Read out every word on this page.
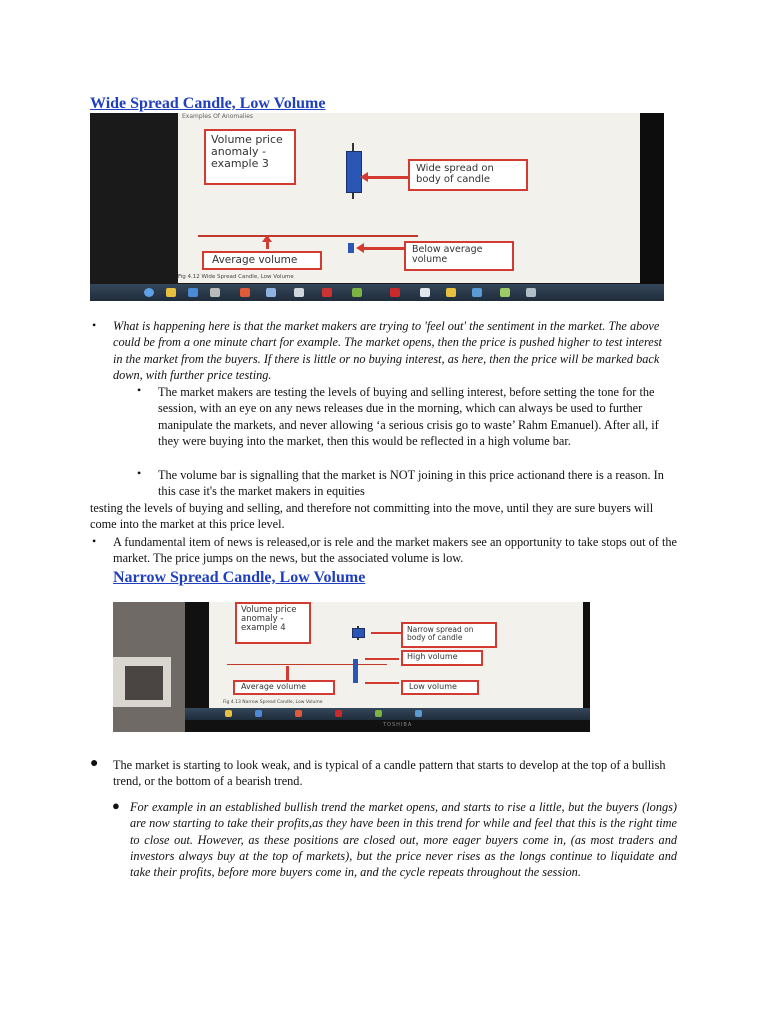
Wide Spread Candle, Low Volume
Examples Of Anomalies
Volume price anomaly - example 3	Wide spread on body of candle
Average volume
Below average volume
Fig 4.12 Wide Spread Candle, Low Volume
• What is happening here is that the market makers are trying to 'feel out' the sentiment in the market. The above could be from a one minute chart for example. The market opens, then the price is pushed higher to test interest in the market from the buyers. If there is little or no buying interest, as here, then the price will be marked back down, with further price testing.

• The market makers are testing the levels of buying and selling interest, before setting the tone for the session, with an eye on any news releases due in the morning, which can always be used to further manipulate the markets, and never allowing ‘a serious crisis go to waste’ Rahm Emanuel). After all, if they were buying into the market, then this would be reflected in a high volume bar.

• The volume bar is signalling that the market is NOT joining in this price actionand there is a reason. In this case it's the market makers in equities

testing the levels of buying and selling, and therefore not committing into the move, until they are sure buyers will come into the market at this price level.

• A fundamental item of news is released,or is rele and the market makers see an opportunity to take stops out of the market. The price jumps on the news, but the associated volume is low.

Narrow Spread Candle, Low Volume
Volume price anomaly - example 4	Narrow spread on body of candle
High volume
Average volume	Low volume
Fig 4.13 Narrow Spread Candle, Low Volume
TOSHIBA
● The market is starting to look weak, and is typical of a candle pattern that starts to develop at the top of a bullish trend, or the bottom of a bearish trend.

● For example in an established bullish trend the market opens, and starts to rise a little, but the buyers (longs) are now starting to take their profits,as they have been in this trend for while and feel that this is the right time to close out. However, as these positions are closed out, more eager buyers come in, (as most traders and investors always buy at the top of markets), but the price never rises as the longs continue to liquidate and take their profits, before more buyers come in, and the cycle repeats throughout the session.
